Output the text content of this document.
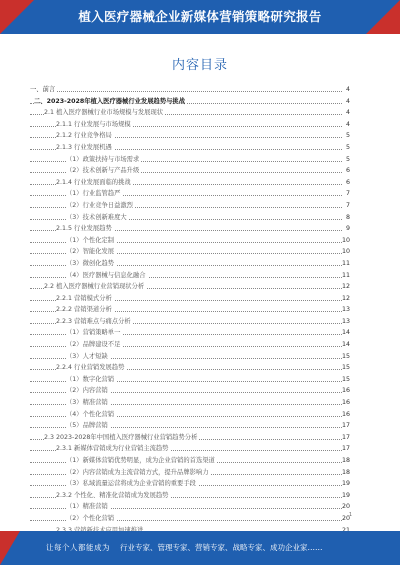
植入医疗器械企业新媒体营销策略研究报告
内容目录
一、前言	4
二、2023-2028年植入医疗器械行业发展趋势与挑战	4
2.1 植入医疗器械行业市场规模与发展现状	4
2.1.1 行业发展与市场规模	4
2.1.2 行业竞争格局	5
2.1.3 行业发展机遇	5
（1）政策扶持与市场需求	5
（2）技术创新与产品升级	6
2.1.4 行业发展面临的挑战	6
（1）行业监管趋严	7
（2）行业竞争日益激烈	7
（3）技术创新难度大	8
2.1.5 行业发展趋势	9
（1）个性化定制	10
（2）智能化发展	10
（3）微创化趋势	11
（4）医疗器械与信息化融合	11
2.2 植入医疗器械行业营销现状分析	12
2.2.1 营销模式分析	12
2.2.2 营销渠道分析	13
2.2.3 营销难点与痛点分析	13
（1）营销策略单一	14
（2）品牌建设不足	14
（3）人才短缺	15
2.2.4 行业营销发展趋势	15
（1）数字化营销	15
（2）内容营销	16
（3）精准营销	16
（4）个性化营销	16
（5）品牌营销	17
2.3 2023-2028年中国植入医疗器械行业营销趋势分析	17
2.3.1 新媒体营销成为行业营销主流趋势	17
（1）新媒体营销优势明显，成为企业营销的首选渠道	18
（2）内容营销成为主流营销方式，提升品牌影响力	18
（3）私域流量运营将成为企业营销的重要手段	19
2.3.2 个性化、精准化营销成为发展趋势	19
（1）精准营销	20
（2）个性化营销	20
1
让每个人都能成为 行业专家、管理专家、营销专家、战略专家、成功企业家……
